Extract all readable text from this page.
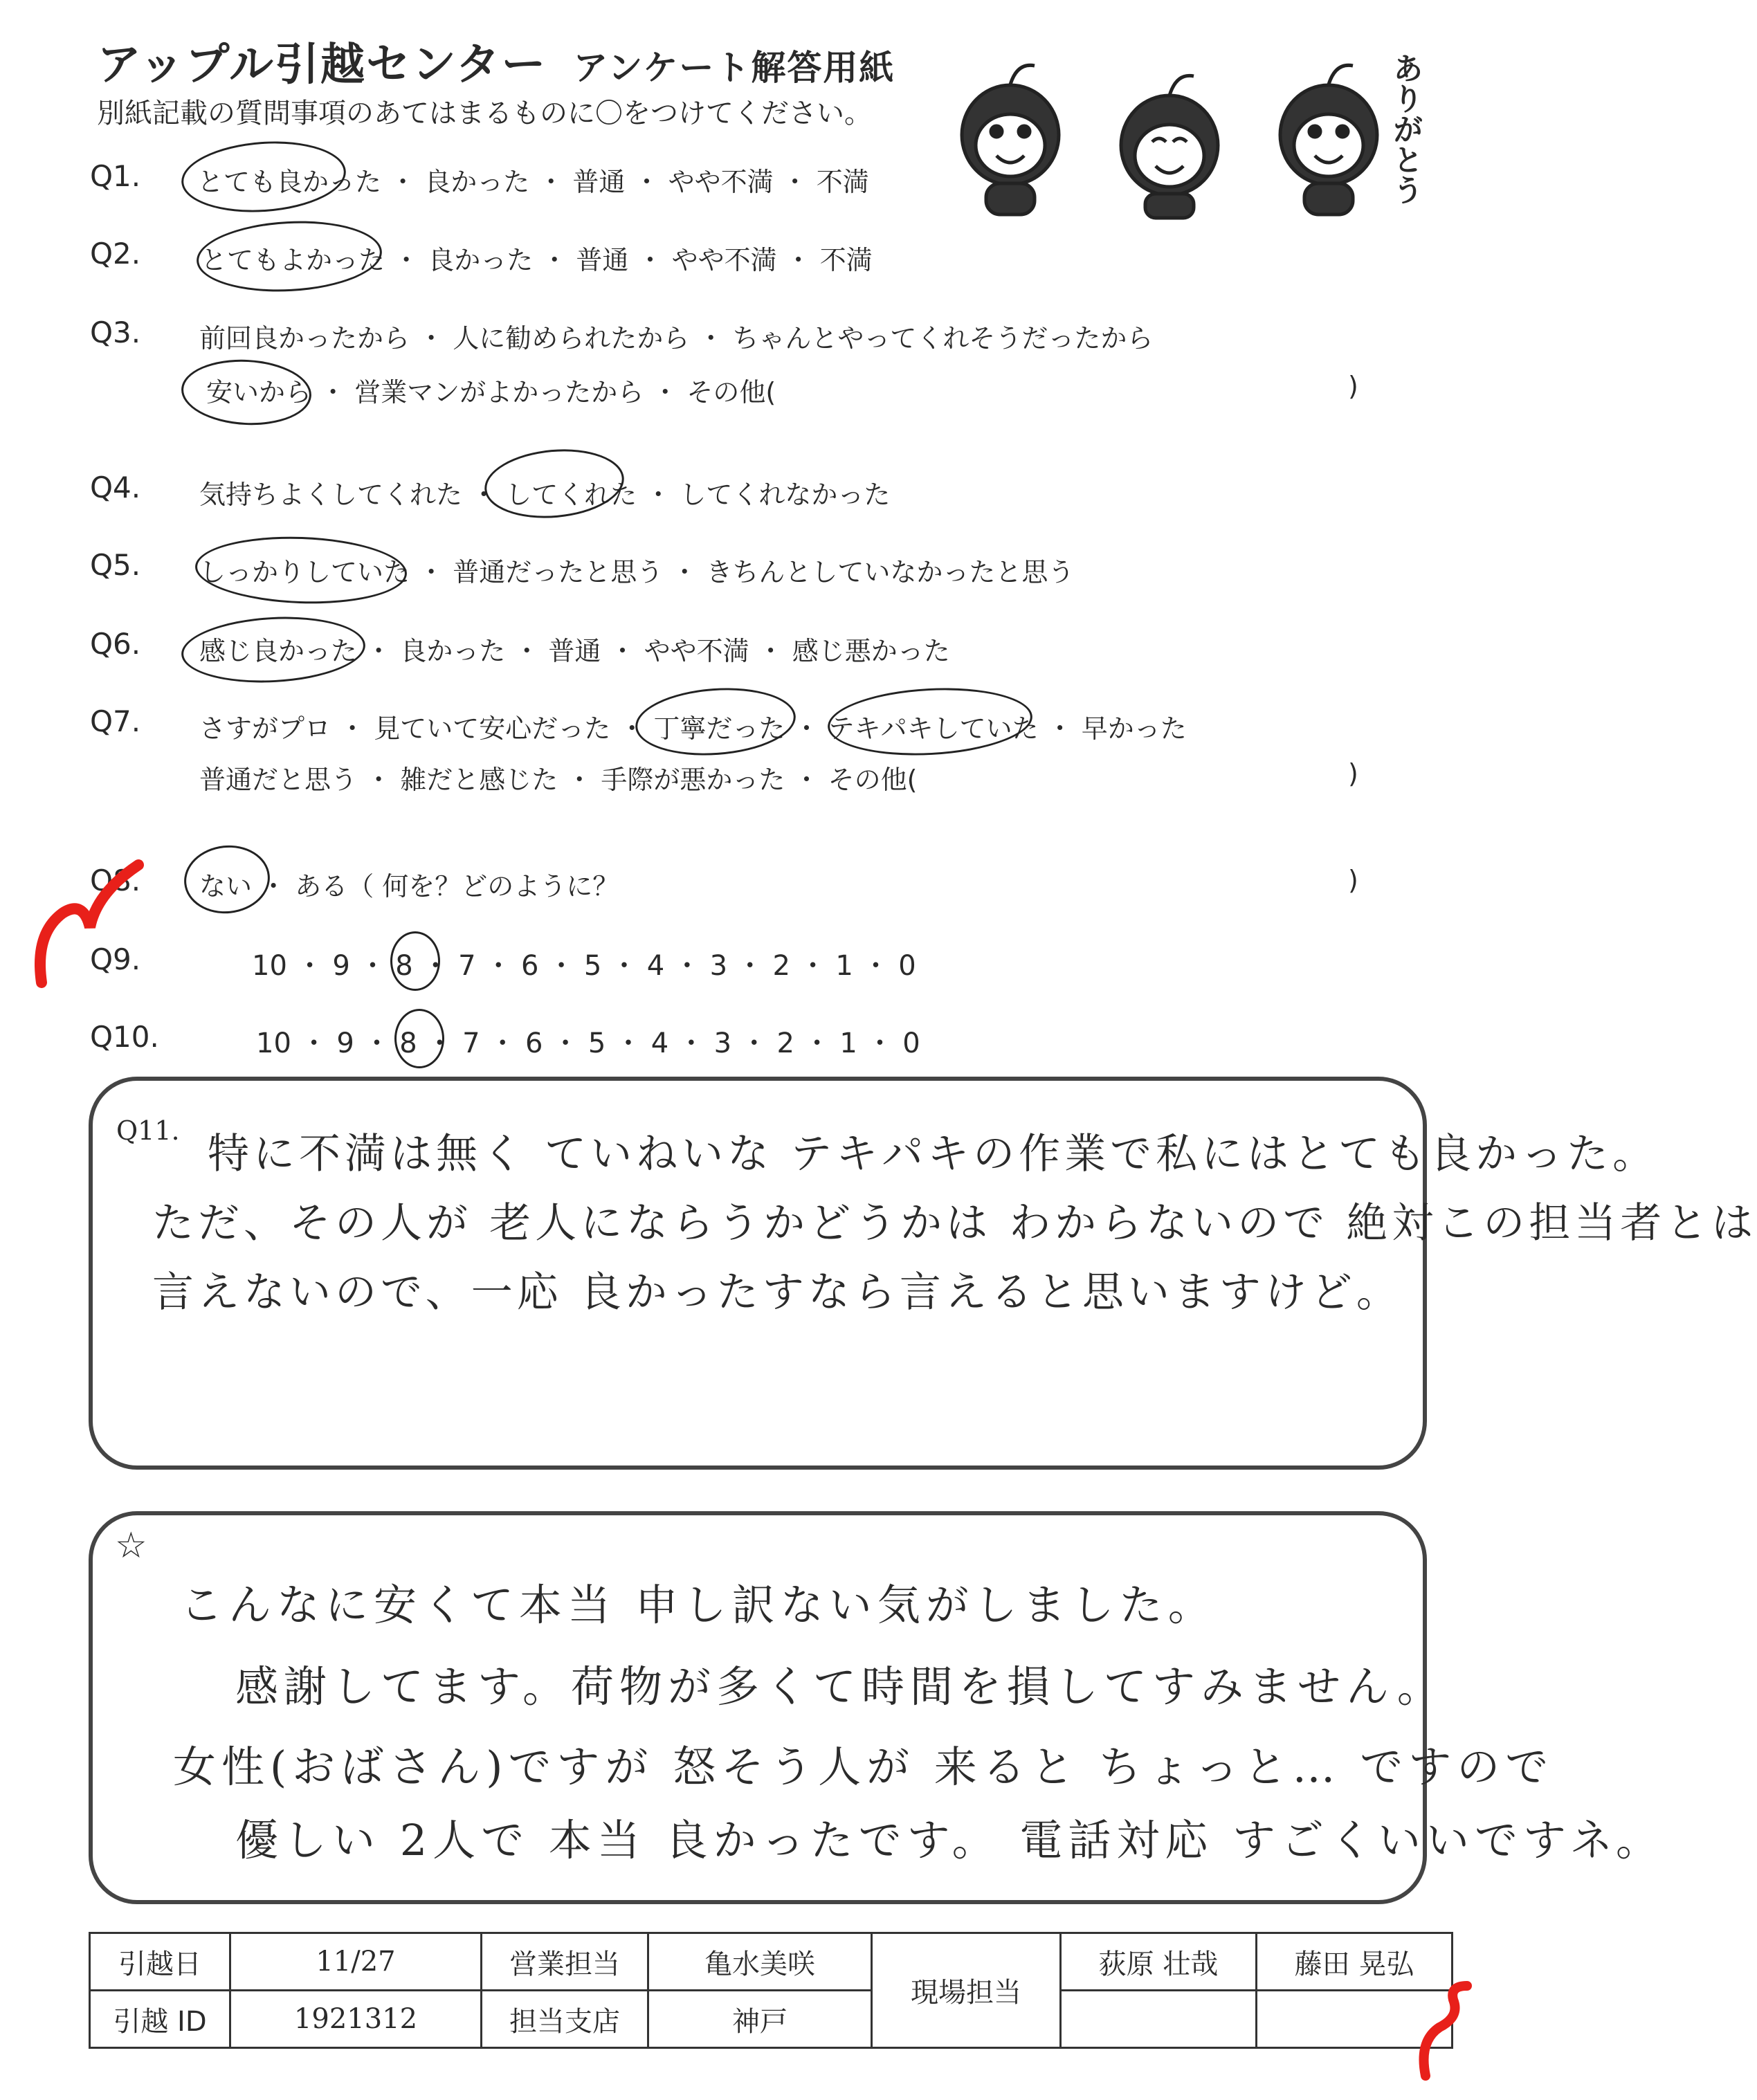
アップル引越センター アンケート解答用紙
別紙記載の質問事項のあてはまるものに〇をつけてください。	ありがとう
Q1. とても良かった ・ 良かった ・ 普通 ・ やや不満 ・ 不満
Q2. とてもよかった ・ 良かった ・ 普通 ・ やや不満 ・ 不満
Q3. 前回良かったから ・ 人に勧められたから ・ ちゃんとやってくれそうだったから
安いから ・ 営業マンがよかったから ・ その他(	)
Q4. 気持ちよくしてくれた ・ してくれた ・ してくれなかった
Q5. しっかりしていた ・ 普通だったと思う ・ きちんとしていなかったと思う
Q6. 感じ良かった ・ 良かった ・ 普通 ・ やや不満 ・ 感じ悪かった
Q7. さすがプロ ・ 見ていて安心だった ・ 丁寧だった ・ テキパキしていた ・ 早かった
普通だと思う ・ 雑だと感じた ・ 手際が悪かった ・ その他(	)
Q8. ない ・ ある（ 何を？どのように？	)
Q9.	10 ・ 9 ・ 8 ・ 7 ・ 6 ・ 5 ・ 4 ・ 3 ・ 2 ・ 1 ・ 0
Q10.	10 ・ 9 ・ 8 ・ 7 ・ 6 ・ 5 ・ 4 ・ 3 ・ 2 ・ 1 ・ 0
Q11. 特に不満は無く ていねいな テキパキの作業で私にはとても良かった。
ただ、その人が 老人にならうかどうかは わからないので 絶対この担当者とは
言えないので、一応 良かったすなら言えると思いますけど。
☆
こんなに安くて本当 申し訳ない気がしました。
感謝してます。荷物が多くて時間を損してすみません。
女性(おばさん)ですが 怒そう人が 来ると ちょっと… ですので
優しい 2人で 本当 良かったです。 電話対応 すごくいいですネ。
引越日	11/27	営業担当	亀水美咲	現場担当	荻原 壮哉	藤田 晃弘
引越 ID	1921312	担当支店	神戸			
